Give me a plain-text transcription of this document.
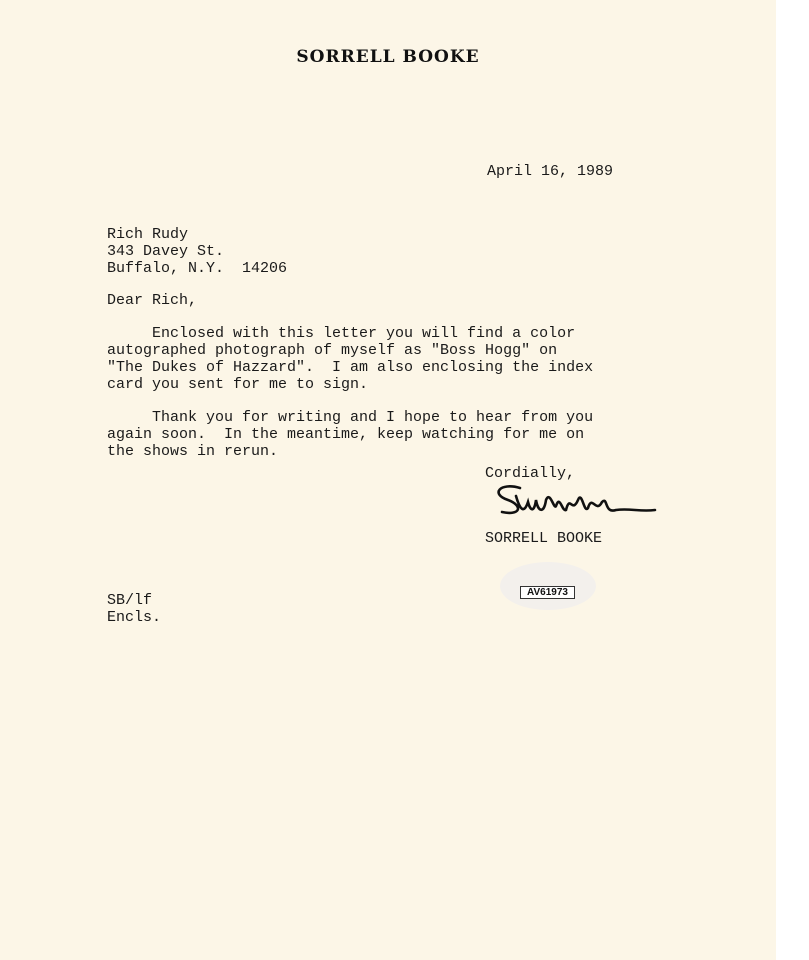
SORRELL BOOKE
April 16, 1989
Rich Rudy
343 Davey St.
Buffalo, N.Y.  14206
Dear Rich,
Enclosed with this letter you will find a color
autographed photograph of myself as "Boss Hogg" on
"The Dukes of Hazzard".  I am also enclosing the index
card you sent for me to sign.
Thank you for writing and I hope to hear from you
again soon.  In the meantime, keep watching for me on
the shows in rerun.
Cordially,
SORRELL BOOKE
AV61973
SB/lf
Encls.
